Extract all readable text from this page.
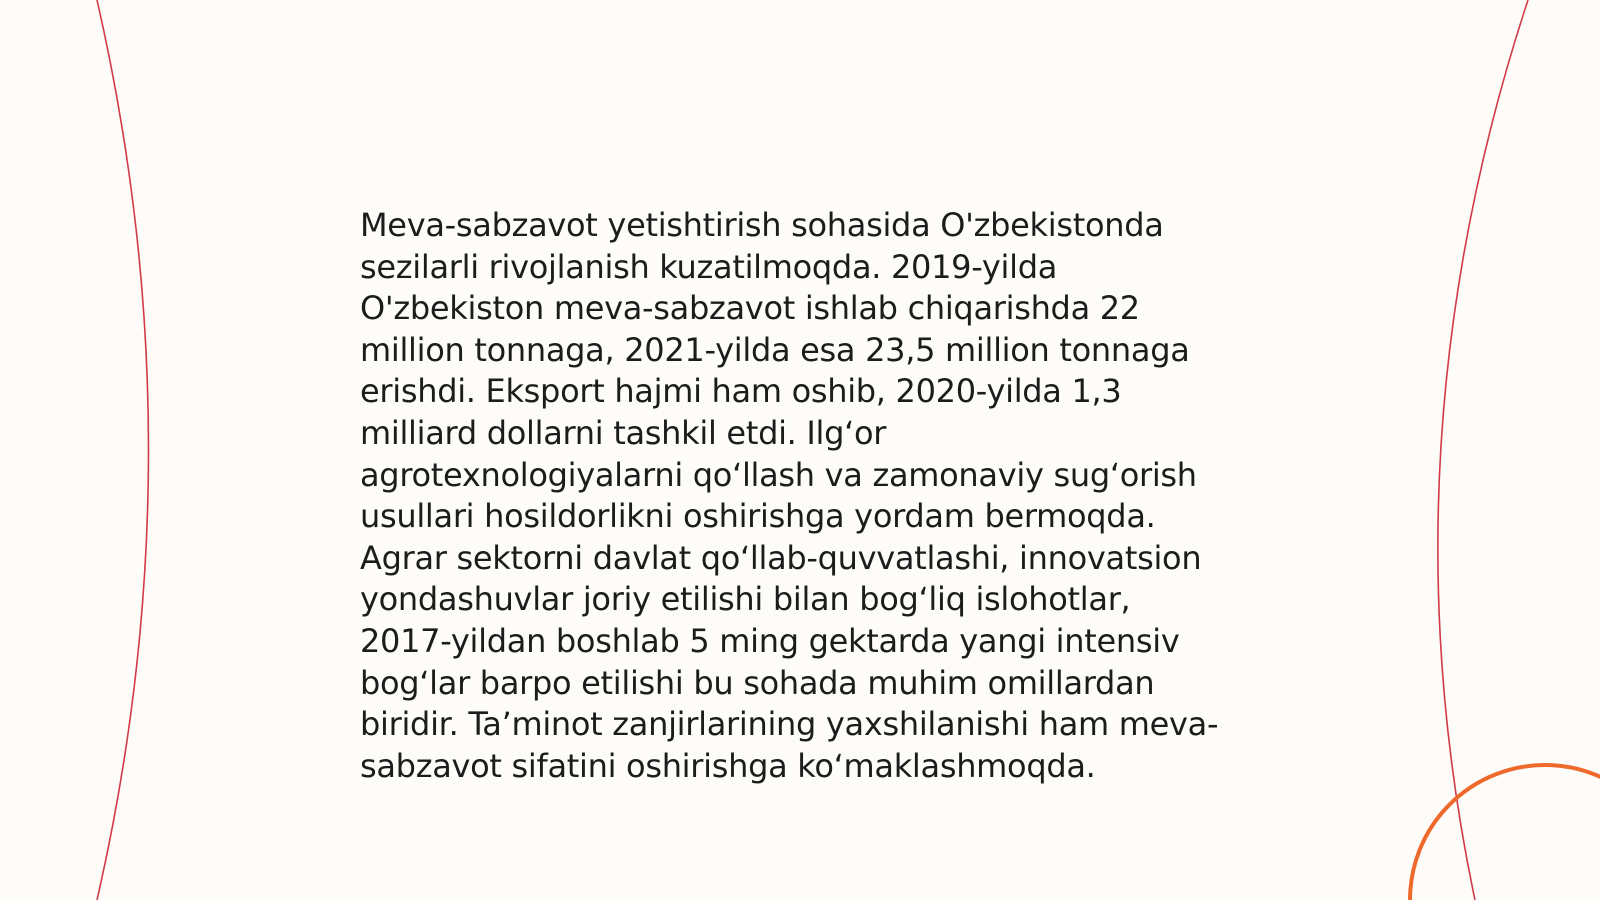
Meva-sabzavot yetishtirish sohasida O'zbekistonda
sezilarli rivojlanish kuzatilmoqda. 2019-yilda
O'zbekiston meva-sabzavot ishlab chiqarishda 22
million tonnaga, 2021-yilda esa 23,5 million tonnaga
erishdi. Eksport hajmi ham oshib, 2020-yilda 1,3
milliard dollarni tashkil etdi. Ilg‘or
agrotexnologiyalarni qo‘llash va zamonaviy sug‘orish
usullari hosildorlikni oshirishga yordam bermoqda.
Agrar sektorni davlat qo‘llab-quvvatlashi, innovatsion
yondashuvlar joriy etilishi bilan bog‘liq islohotlar,
2017-yildan boshlab 5 ming gektarda yangi intensiv
bog‘lar barpo etilishi bu sohada muhim omillardan
biridir. Ta’minot zanjirlarining yaxshilanishi ham meva-
sabzavot sifatini oshirishga ko‘maklashmoqda.
